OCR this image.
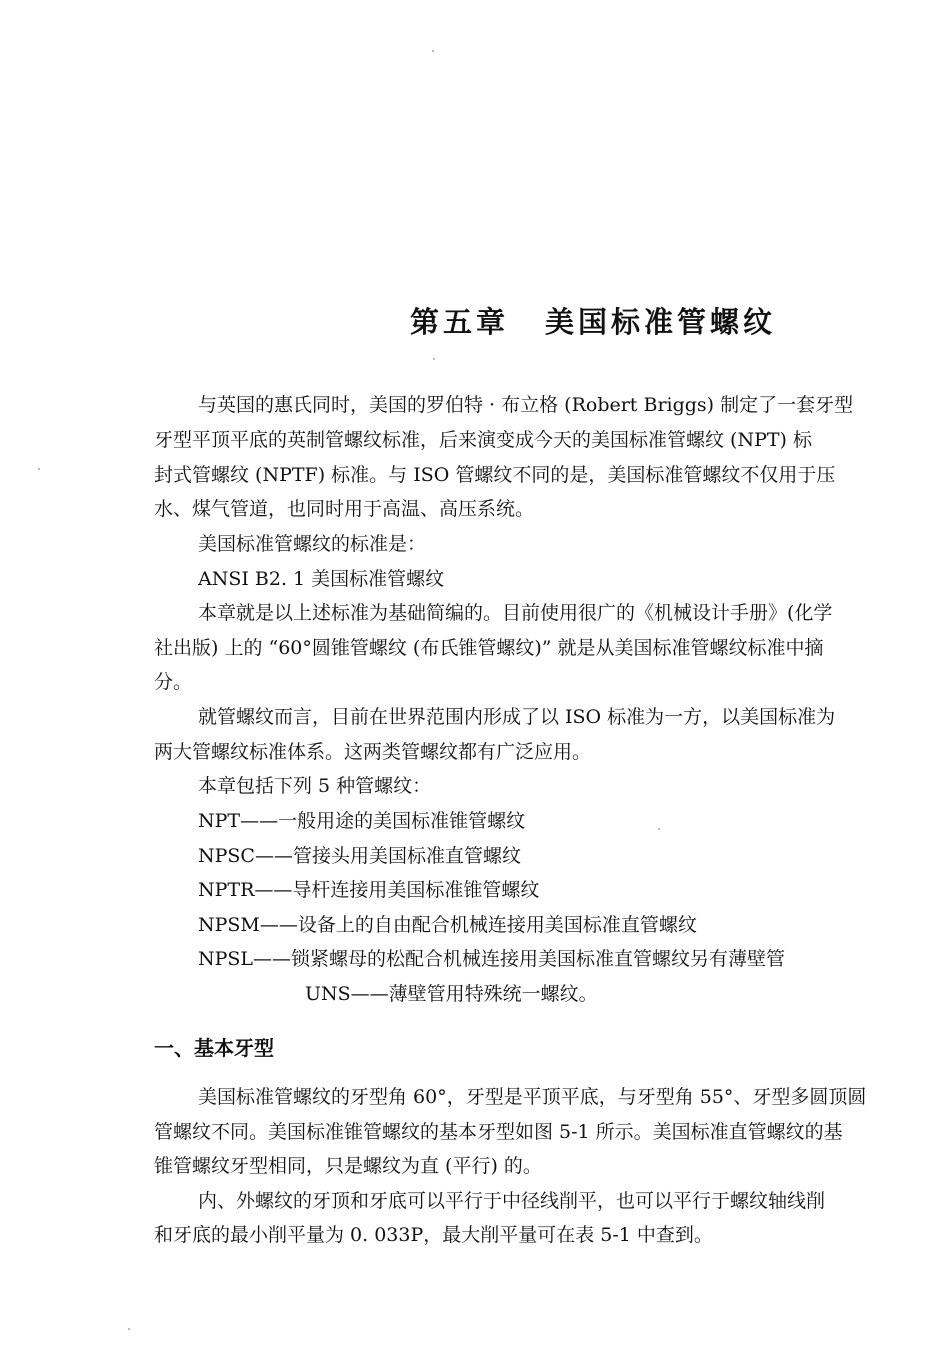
第五章 美国标准管螺纹
与英国的惠氏同时，美国的罗伯特 · 布立格 (Robert Briggs) 制定了一套牙型
牙型平顶平底的英制管螺纹标准，后来演变成今天的美国标准管螺纹 (NPT) 标
封式管螺纹 (NPTF) 标准。与 ISO 管螺纹不同的是，美国标准管螺纹不仅用于压
水、煤气管道，也同时用于高温、高压系统。
美国标准管螺纹的标准是：
ANSI B2. 1 美国标准管螺纹
本章就是以上述标准为基础简编的。目前使用很广的《机械设计手册》(化学
社出版) 上的 “60°圆锥管螺纹 (布氏锥管螺纹)” 就是从美国标准管螺纹标准中摘
分。
就管螺纹而言，目前在世界范围内形成了以 ISO 标准为一方，以美国标准为
两大管螺纹标准体系。这两类管螺纹都有广泛应用。
本章包括下列 5 种管螺纹：
NPT——一般用途的美国标准锥管螺纹
NPSC——管接头用美国标准直管螺纹
NPTR——导杆连接用美国标准锥管螺纹
NPSM——设备上的自由配合机械连接用美国标准直管螺纹
NPSL——锁紧螺母的松配合机械连接用美国标准直管螺纹另有薄壁管
UNS——薄壁管用特殊统一螺纹。
一、基本牙型
美国标准管螺纹的牙型角 60°，牙型是平顶平底，与牙型角 55°、牙型多圆顶圆
管螺纹不同。美国标准锥管螺纹的基本牙型如图 5-1 所示。美国标准直管螺纹的基
锥管螺纹牙型相同，只是螺纹为直 (平行) 的。
内、外螺纹的牙顶和牙底可以平行于中径线削平，也可以平行于螺纹轴线削
和牙底的最小削平量为 0. 033P，最大削平量可在表 5-1 中查到。
